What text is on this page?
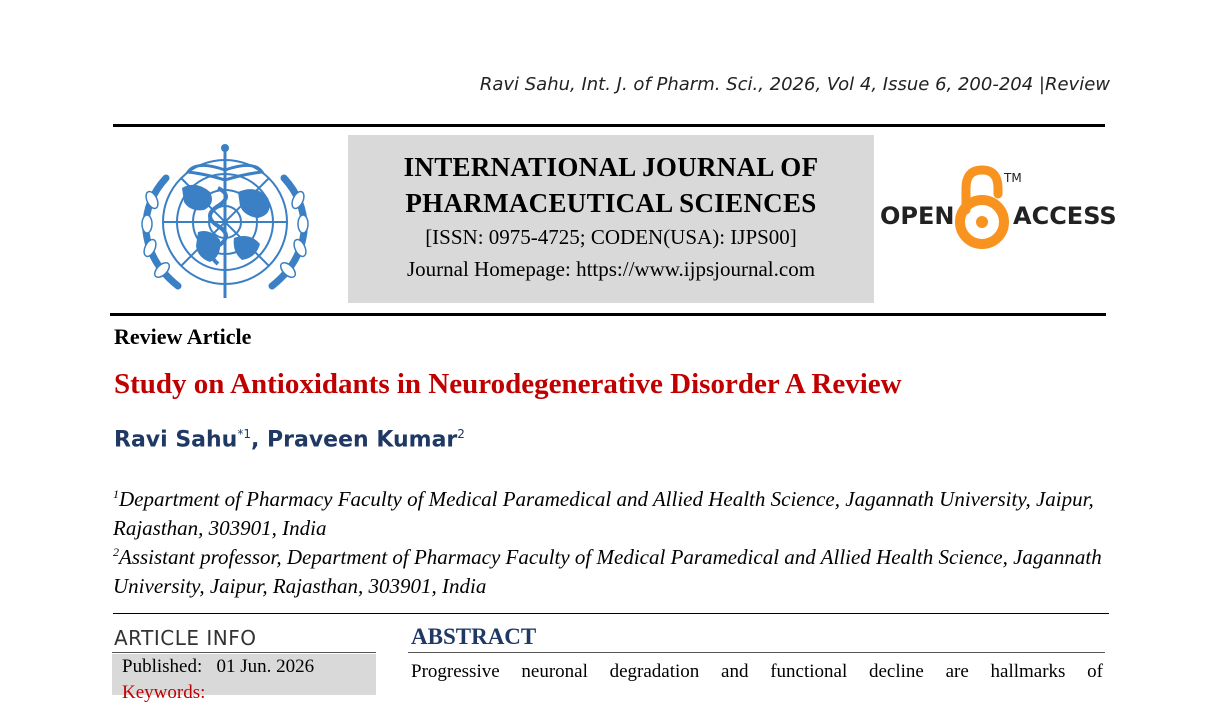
Ravi Sahu, Int. J. of Pharm. Sci., 2026, Vol 4, Issue 6, 200-204 |Review
INTERNATIONAL JOURNAL OF
PHARMACEUTICAL SCIENCES
[ISSN: 0975-4725; CODEN(USA): IJPS00]
Journal Homepage: https://www.ijpsjournal.com
OPEN
TM
ACCESS
Review Article
Study on Antioxidants in Neurodegenerative Disorder A Review
Ravi Sahu$^{*1}$, Praveen Kumar$^2$
$^1$Department of Pharmacy Faculty of Medical Paramedical and Allied Health Science, Jagannath University, Jaipur, Rajasthan, 303901, India
$^2$Assistant professor, Department of Pharmacy Faculty of Medical Paramedical and Allied Health Science, Jagannath University, Jaipur, Rajasthan, 303901, India
ARTICLE INFO
Published: 01 Jun. 2026
Keywords:
ABSTRACT
Progressive neuronal degradation and functional decline are hallmarks of
